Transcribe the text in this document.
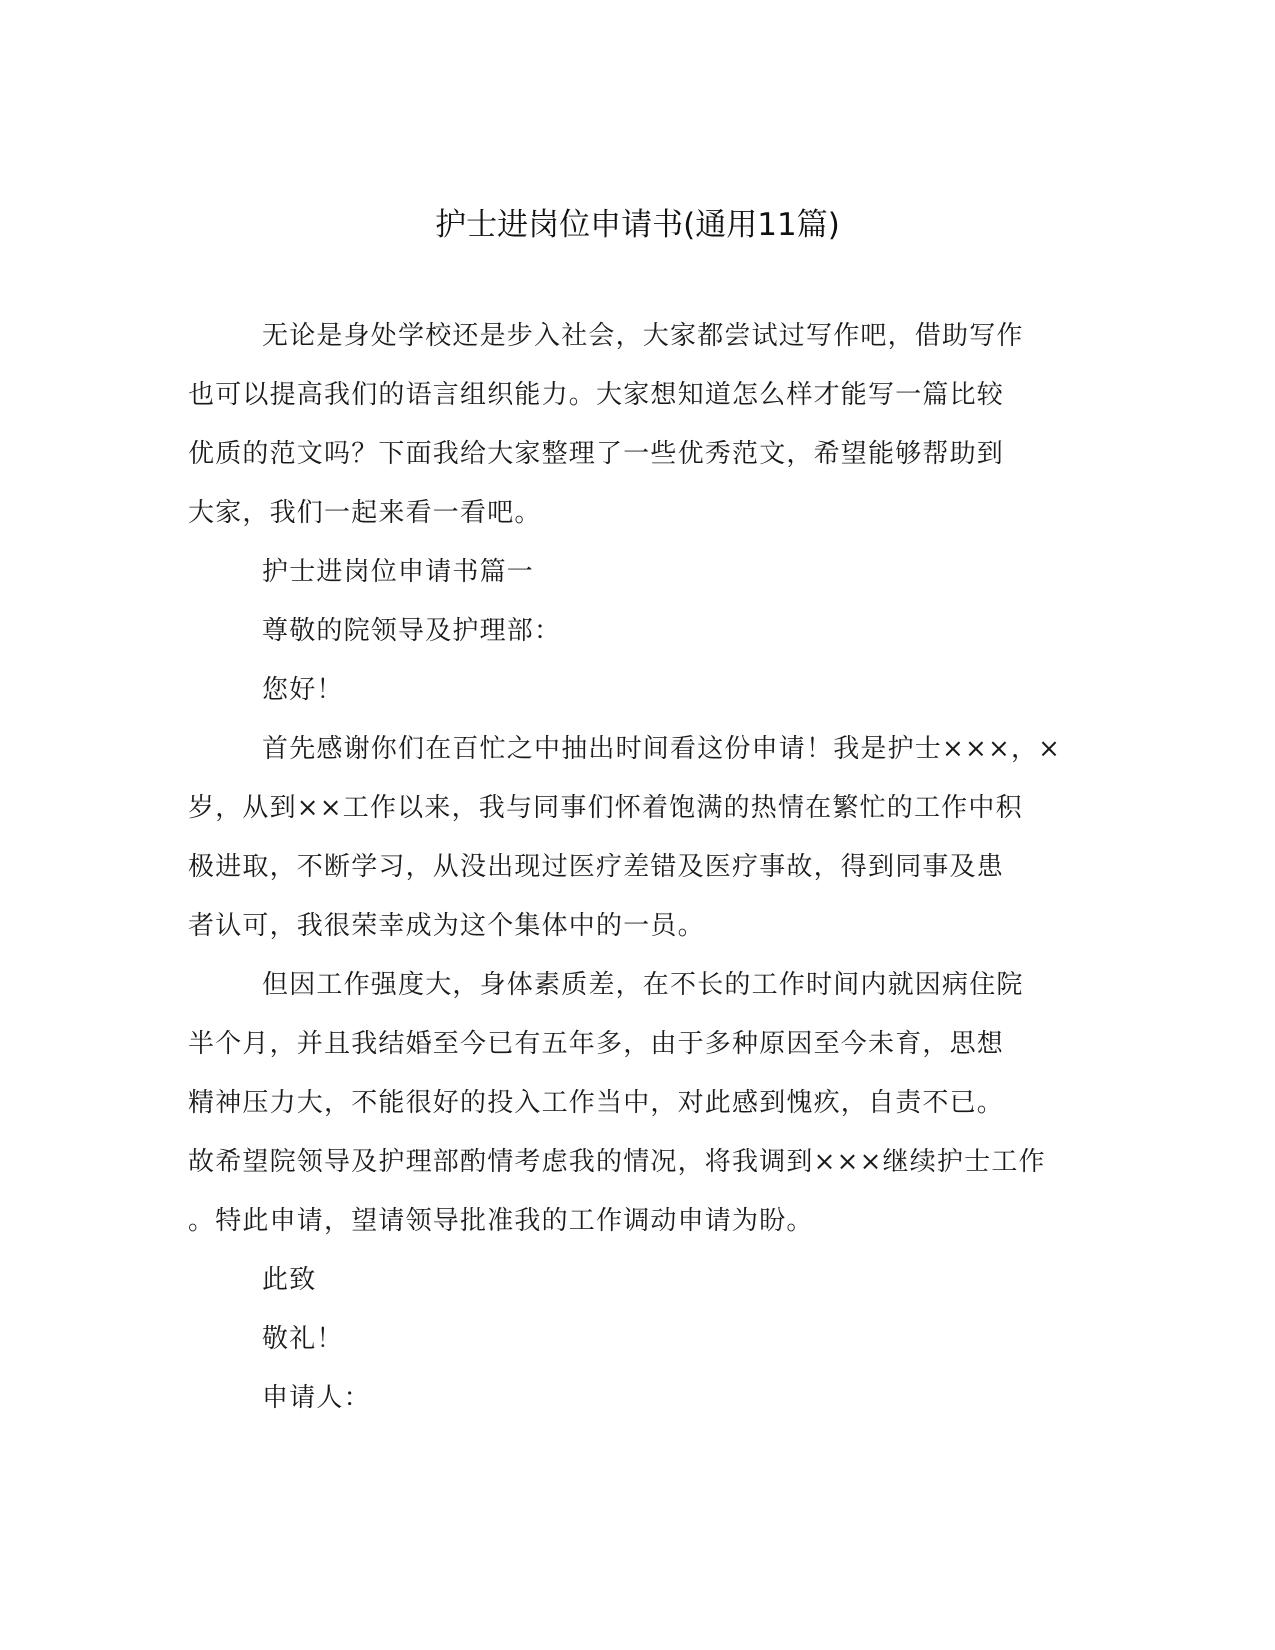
护士进岗位申请书(通用11篇)

无论是身处学校还是步入社会，大家都尝试过写作吧，借助写作

也可以提高我们的语言组织能力。大家想知道怎么样才能写一篇比较

优质的范文吗？下面我给大家整理了一些优秀范文，希望能够帮助到

大家，我们一起来看一看吧。

护士进岗位申请书篇一

尊敬的院领导及护理部：

您好！

首先感谢你们在百忙之中抽出时间看这份申请！我是护士×××，×

岁，从到××工作以来，我与同事们怀着饱满的热情在繁忙的工作中积

极进取，不断学习，从没出现过医疗差错及医疗事故，得到同事及患

者认可，我很荣幸成为这个集体中的一员。

但因工作强度大，身体素质差，在不长的工作时间内就因病住院

半个月，并且我结婚至今已有五年多，由于多种原因至今未育，思想

精神压力大，不能很好的投入工作当中，对此感到愧疚，自责不已。

故希望院领导及护理部酌情考虑我的情况，将我调到×××继续护士工作

。特此申请，望请领导批准我的工作调动申请为盼。

此致

敬礼！

申请人：
